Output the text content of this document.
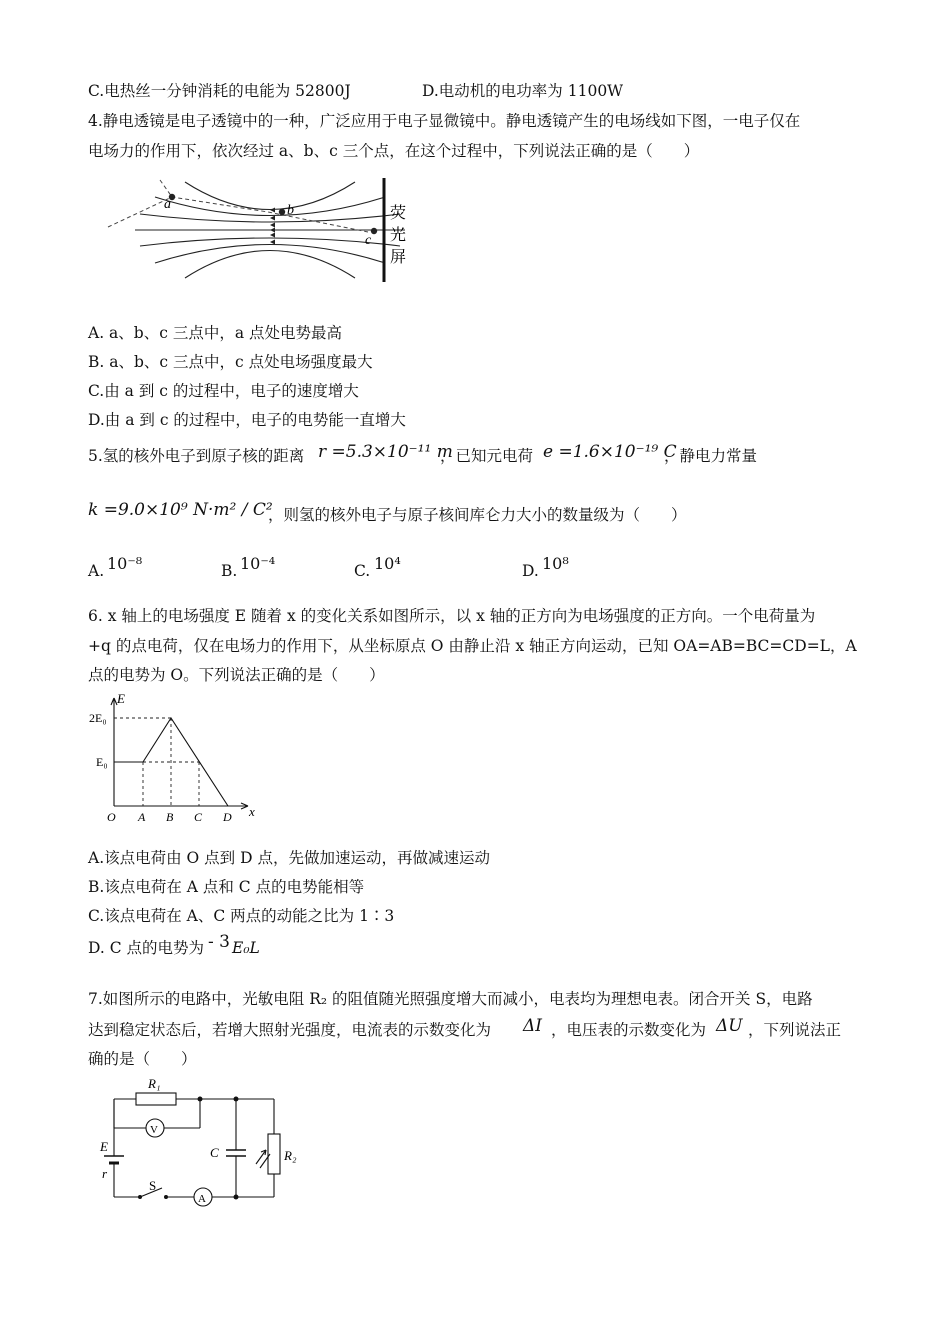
C.电热丝一分钟消耗的电能为 52800J	D.电动机的电功率为 1100W
4.静电透镜是电子透镜中的一种，广泛应用于电子显微镜中。静电透镜产生的电场线如下图，一电子仅在
电场力的作用下，依次经过 a、b、c 三个点，在这个过程中，下列说法正确的是（　　）
a	b
c
荧
光
屏
A. a、b、c 三点中，a 点处电势最高
B. a、b、c 三点中，c 点处电场强度最大
C.由 a 到 c 的过程中，电子的速度增大
D.由 a 到 c 的过程中，电子的电势能一直增大
5.氢的核外电子到原子核的距离 r =5.3×10⁻¹¹ m
，已知元电荷 e =1.6×10⁻¹⁹ C
，静电力常量
k =9.0×10⁹ N·m² / C²
，则氢的核外电子与原子核间库仑力大小的数量级为（　　）
A. 10⁻⁸	B. 10⁻⁴	C. 10⁴	D. 10⁸
6. x 轴上的电场强度 E 随着 x 的变化关系如图所示，以 x 轴的正方向为电场强度的正方向。一个电荷量为
+q 的点电荷，仅在电场力的作用下，从坐标原点 O 由静止沿 x 轴正方向运动，已知 OA=AB=BC=CD=L，A
点的电势为 O。下列说法正确的是（　　）
E
x
2E₀
E₀
O A B C D
A.该点电荷由 O 点到 D 点，先做加速运动，再做减速运动
B.该点电荷在 A 点和 C 点的电势能相等
C.该点电荷在 A、C 两点的动能之比为 1∶3
D. C 点的电势为 - 3 E₀L
7.如图所示的电路中，光敏电阻 R₂ 的阻值随光照强度增大而减小，电表均为理想电表。闭合开关 S，电路
达到稳定状态后，若增大照射光强度，电流表的示数变化为 ΔI ，电压表的示数变化为 ΔU ，下列说法正
确的是（　　）
R₁
V
A
E
r
C	R₂
S
